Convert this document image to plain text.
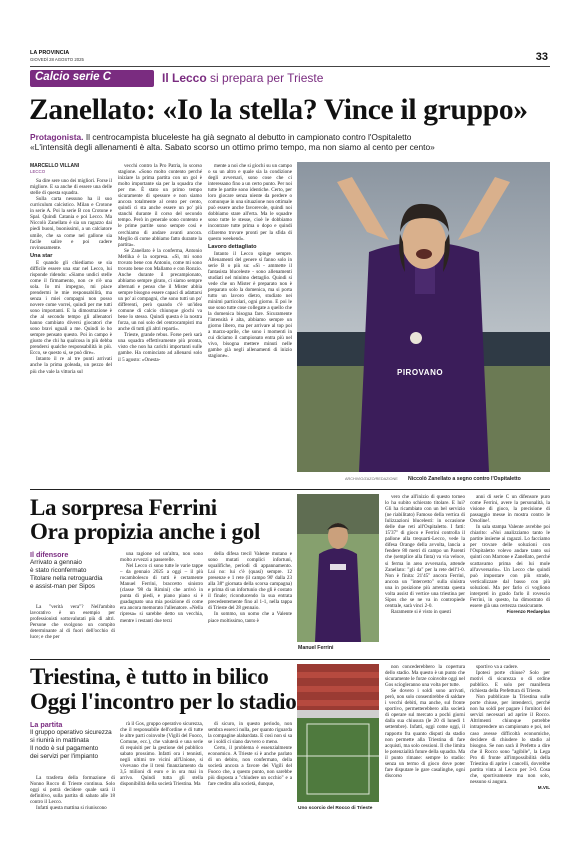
LA PROVINCIA
GIOVEDÌ 28 AGOSTO 2025	33
Calcio serie C	Il Lecco si prepara per Trieste
Zanellato: «Io la stella? Vince il gruppo»
Protagonista. Il centrocampista bluceleste ha già segnato al debutto in campionato contro l'Ospitaletto
«L'intensità degli allenamenti è alta. Sabato scorso un ottimo primo tempo, ma non siamo al cento per cento»
MARCELLO VILLANI
LECCO

Sa dire sere uno dei migliori. Forse il migliore. E sa anche di essere una delle stelle di questa squadra.

Sulla carta nessuno ha il suo curriculum calcistico. Milan e Crotone in serie A. Poi la serie B con Crotone e Spal. Quindi Catania e poi Lecco. Ma Niccolò Zanellato è sia un ragazzo dai piedi buoni, buonissimi, a un calciatore umile, che sa come nel gallone sia facile salire e poi cadere rovinosamente.

Una star

E quando gli chiediamo se sia difficile essere una star nel Lecco, lui risponde ridendo: «Siamo undici stelle come il firmamento, non ce n'è una sola. Io mi impegno, mi piace prendermi le mie responsabilità, ma senza i miei compagni non posso novere come vorrei, quindi per me tutti sono importanti. E la dimostrazione è che al secondo tempo gli allenatori hanno cambiato diversi giocatori che sono bravi uguali a me. Quindi io ho sempre pensato questo. Poi in campo è giusto che chi ha qualcosa in più debba prendersi qualche responsabilità in più. Ecco, se questo si, se può dire».

Intanto il re al tre punti arrivati anche la prima goleada, un pezzo del più che vale la vittoria sul

vecchi contro la Pro Patria, lo scorso stagione. «Sono molto contento perché iniziare la prima partita con un gol è molto importante sia per la squadra che per me. È stato un primo tempo sicuramente di spessore e non siamo ancora totalmente al cento per cento, quindi ci sta anche essere un po' più stanchi durante il corso del secondo tempo. Però in generale sono contento e le prime partite sono sempre così e cerchiamo di andare avanti ancora. Meglio di come abbiamo fatto durante la partita».

Se Zanellato è la conferma, Antonio Metlika è la sorpresa. «Sì, mi sono trovato bene con Antonio, come mi sono trovato bene con Mallamo e con Ronzio. Anche durante il precampionato, abbiamo sempre girato, ci siamo sempre alternati e penso che il Mister abbia sempre bisogno essere capaci di adattarsi un po' ai compagni, che sono tutti un po' differenti, però quando c'è un'idea comune di calcio chiunque giochi va bene lo stesso. Quindi questa è la nostra forza, un noi solo del centrocampisti ma anche di tutti gli altri reparti».

Trieste, grande rebus. Forse però sarà una squadra effettivamente più pronta, visto che non ha carichi importanti sulle gambe. Ha cominciato ad allenarsi solo il 5 agosto: «Onesta-

mente a noi che si giochi su un campo o su un altro e quale sia la condizione degli avversari, sono cose che ci interessano fino a un certo punto. Per noi tutte le partite sono identiche. Certo, per loro giocare senza niente da perdere o comunque in una situazione non ottimale può essere anche favorevole, quindi noi dobbiamo stare all'erta. Ma le squadre sono tutte le stesse, cioè le dobbiamo incontrare tutte prima o dopo e quindi cifaremo trovare pronti per la sfida di questo weekend».

Lavoro dettagliato

Intanto il Lecco spinge sempre. Allenamenti del genere si fanno solo in serie B o più su: «Sì - ammette il fantasista bluceleste - sono allenamenti studiati nel minimo dettaglio. Quindi si vede che un Mister è preparato non è preparato solo la domenica, ma si porta tutto un lavoro dietro, studiato nei minimi particolari, ogni giorno. E poi le sue sono tutte cose collegate a quello che la domenica bisogna fare. Sicuramente l'intensità è alta, abbiamo sempre un giorno libero, ma per arrivare al top poi a marzo-aprile, che sono i momenti in cui diciamo il campionato entra più nel vivo, bisogna mettere minuti nelle gambe già negli allenamenti di inizio stagione».

PIROVANO
ARCHIVIO/ZAZO/REDAZIONE Niccolò Zanellato a segno contro l'Ospitaletto
La sorpresa Ferrini
Ora propizia anche i gol
Il difensore
Arrivato a gennaio
è stato riconfermato
Titolare nella retroguardia
e assist-man per Sipos

La "verità vera"? Nell'ambito lavorativo è un esempio per professionisti sottovalutati più di altri. Persone che svolgono un compito determinante al di fuori dell'occhio di luce; e che per

una ragione od un'altra, non sono molto avvezzi a passerelle.

Nel Lecco ci sono tutte le varie tappe – da gennaio 2025 a oggi – il più rocambolesco di tutti è certamente Manuel Ferrini, braccetto sinistro (classe '98 da Rimini) che arrivò in punta di piedi, e piano piano si è guadagnato una mia posizione di come era ancora memorato l'allenatore. «Nella ripresa» si sarebbe detto un vecchia, mentre i restanti due terzi

della difesa trecil Valente mutano e sono mutati complici infortuni, squalifiche, periodi di appannamento. Lui no: lui c'è (quasi) sempre. 12 presenze e 1 rete (il campo 90' dalla 23 alla 38ª giornata della scorsa campagna) e prima di un infortunio che gli è costato il finale; riconducendo la sua entrata precedentemente fino al 1-1, nella tappa di Trieste del 28 gennaio.

In sommo, un uomo che a Valente piace moltissimo, tanto è

Manuel Ferrini

vero che all'inizio di questo torneo lo ha subito schierato titolare. E lui? Gli ha ricambiato con un bel servizio (ne riabilitato) Famoso della vertica di Iulizzazioni blucelesti: in occasione delle due reti all'Ospitaletto. I fatti: 15'37" di gioco e Ferrini controlla il pallone alla trequarti-Lecco, vede la difesa Orange della avvolta, lancia a fendere 80 metri di campo un Parenti che (semplice alla finta) va via veloce, si ferma in area avversaria, attende Zanellato: "gli da" per la rete dell'1-0. Non è finita: 21'45" ancora Ferrini, ancora un "intercetto" sulla sinistra una in posizione più arretrata questa volta assist di vertice una triestina per Sipos che se ne va in contropiede centrale, sarà vinci 2-0.

Raramente si è visto in questi

anni di serie C un difensore puro come Ferrini, avere la personalità, la visione di gioco, la precisione di passaggio messe in mostra contro le Orsoline!.

In sala stampa Valente avrebbe poi chiarito: «Noi analizziamo tanto le partite insieme ai ragazzi. Lo facciamo per trovare delle soluzioni con l'Ospitaletto volevo andare tanto sui quinti con Marrone e Zanellato, perché scattavamo prima dei lui mole all'avversario». Un Lecco che quindi può impostare con più strade, verticalizzare dal basso con più soluzioni. Ma per farlo ci vogliono interpreti in grado farlo il rovescio Ferrini, in questo, ha dimostrato di essere già una certezza rassicurante.

Fiorenzo Redaeplas
Triestina, è tutto in bilico
Oggi l'incontro per lo stadio
La partita
Il gruppo operativo sicurezza
si riunirà in mattinata
Il nodo è sul pagamento
dei servizi per l'impianto

La trasferta della formazione di Nonno Rocco di Trieste continua. Solo oggi si potrà decidere quale sarà il definitivo, sulla partita di sabato alle 18 contro il Lecco.

Infatti questa mattina si riuniscono

rà il Gos, gruppo operativo sicurezza, che il responsabile dell'ordine e di tutte le altre parti coinvolte (Vigili del Fuoco, Comune, ecc.), che valuterà e una serie di requisiti per la gestione del pubblico sabato prossimo. Infatti ora i tennisti, negli ultimi tre vicini all'Unione, si vivevano che il treni finanziamento da 3,5 milioni di euro e in ora mai in arrivo. Quindi tutta gli stella disponibilità della società Triestina. Ma

di sicuro, in questo periodo, non sembra esserci nulla, per quanto riguarda la compagine alabardata. E così non si sa se i soldi ci siano davvero o meno.

Certo, il problema è essenzialmente economico. A Trieste si è anche parlato di un debito, non confermato, della società ancora a favore dei Vigili del Fuoco che, a questo punto, non sarebbe più disposta a "chiudere un occhio" e a fare credito alla società, dunque,

Uno scorcio del Rocco di Trieste

non concederebbero la copertura dello stadio. Ma questo è un punto che sicuramente le forze coinvolte oggi nel Gos sciogleranno una volta per tutte.

Se dovero i soldi sono arrivati, però, non solo consentirebbe di saldare i vecchi debiti, ma anche, sul fronte sportivo, permetterebbero alla società di operare sul mercato a pochi giorni dalla sua chiusura (le 20 di lunedì 1 settembre). Infatti, oggi come oggi, il rapporto fra quanto disputi da stadio non permette alla Triestina di fare acquisti, ma solo cessioni. Il che limita le potenzialità future della squadra. Ma il punto rimane: sempre lo stadio: senza un termo di gioco dove poter fare disputare le gare casalinghe, ogni discorso

sportivo va a cadere.

Ipotesi porte chiuse? Solo per motivi di sicurezza o di ordine pubblico. E solo per manifesta richiesta della Prefettura di Trieste.

Non pubblicare la Triestina sulle porte chiuse, per intenderci, perché non ha soldi per pagare i fornitori dei servizi necessari ad aprire il Rocco. Altrimenti chiunque potrebbe intraprendere un campionato e poi, nel caso avesse difficoltà economiche, decidere di chiudere lo stadio al bisogno. Se non sarà il Prefetto a dire che il Rocco sono "agibile", la Lega Pro di fronte all'impossibilità della Triestina di aprire i cancelli, dovrebbe partita vinta al Lecco per 3-0. Cosa che, sportivamente ma non solo, nessuno si augura.

M.VIL
